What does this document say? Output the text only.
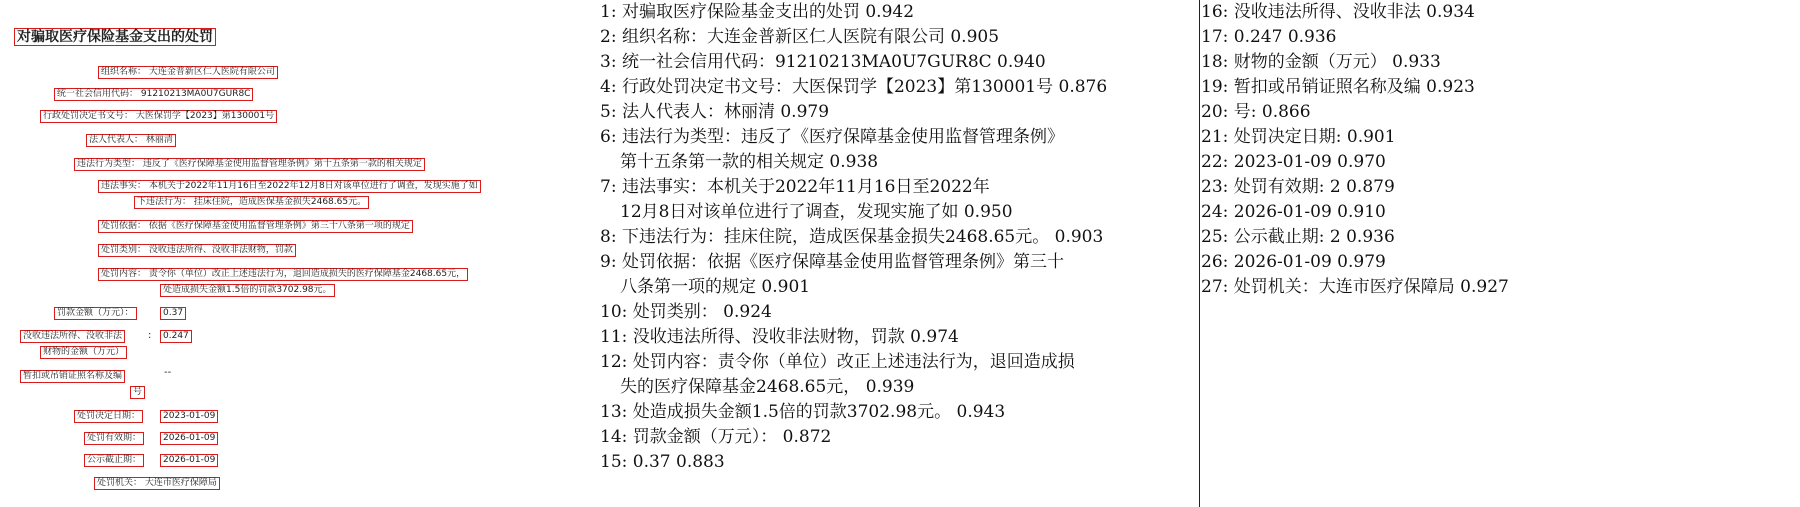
对骗取医疗保险基金支出的处罚
组织名称： 大连金普新区仁人医院有限公司
统一社会信用代码： 91210213MA0U7GUR8C
行政处罚决定书文号： 大医保罚学【2023】第130001号
法人代表人： 林丽清
违法行为类型： 违反了《医疗保障基金使用监督管理条例》第十五条第一款的相关规定
违法事实： 本机关于2022年11月16日至2022年12月8日对该单位进行了调查，发现实施了如
下违法行为： 挂床住院，造成医保基金损失2468.65元。
处罚依据： 依据《医疗保障基金使用监督管理条例》第三十八条第一项的规定
处罚类别： 没收违法所得、没收非法财物，罚款
处罚内容： 责令你（单位）改正上述违法行为，退回造成损失的医疗保障基金2468.65元，
处造成损失金额1.5倍的罚款3702.98元。
罚款金额（万元）：	0.37
没收违法所得、没收非法	:	0.247
财物的金额（万元）
暂扣或吊销证照名称及编	--
号
处罚决定日期：	2023-01-09
处罚有效期：	2026-01-09
公示截止期：	2026-01-09
处罚机关： 大连市医疗保障局
1: 对骗取医疗保险基金支出的处罚 0.942
2: 组织名称：大连金普新区仁人医院有限公司 0.905
3: 统一社会信用代码：91210213MA0U7GUR8C 0.940
4: 行政处罚决定书文号：大医保罚学【2023】第130001号 0.876
5: 法人代表人：林丽清 0.979
6: 违法行为类型：违反了《医疗保障基金使用监督管理条例》
第十五条第一款的相关规定 0.938
7: 违法事实：本机关于2022年11月16日至2022年
12月8日对该单位进行了调查，发现实施了如 0.950
8: 下违法行为：挂床住院，造成医保基金损失2468.65元。 0.903
9: 处罚依据：依据《医疗保障基金使用监督管理条例》第三十
八条第一项的规定 0.901
10: 处罚类别： 0.924
11: 没收违法所得、没收非法财物，罚款 0.974
12: 处罚内容：责令你（单位）改正上述违法行为，退回造成损
失的医疗保障基金2468.65元， 0.939
13: 处造成损失金额1.5倍的罚款3702.98元。 0.943
14: 罚款金额（万元）： 0.872
15: 0.37 0.883
16: 没收违法所得、没收非法 0.934
17: 0.247 0.936
18: 财物的金额（万元） 0.933
19: 暂扣或吊销证照名称及编 0.923
20: 号: 0.866
21: 处罚决定日期: 0.901
22: 2023-01-09 0.970
23: 处罚有效期: 2 0.879
24: 2026-01-09 0.910
25: 公示截止期: 2 0.936
26: 2026-01-09 0.979
27: 处罚机关：大连市医疗保障局 0.927
